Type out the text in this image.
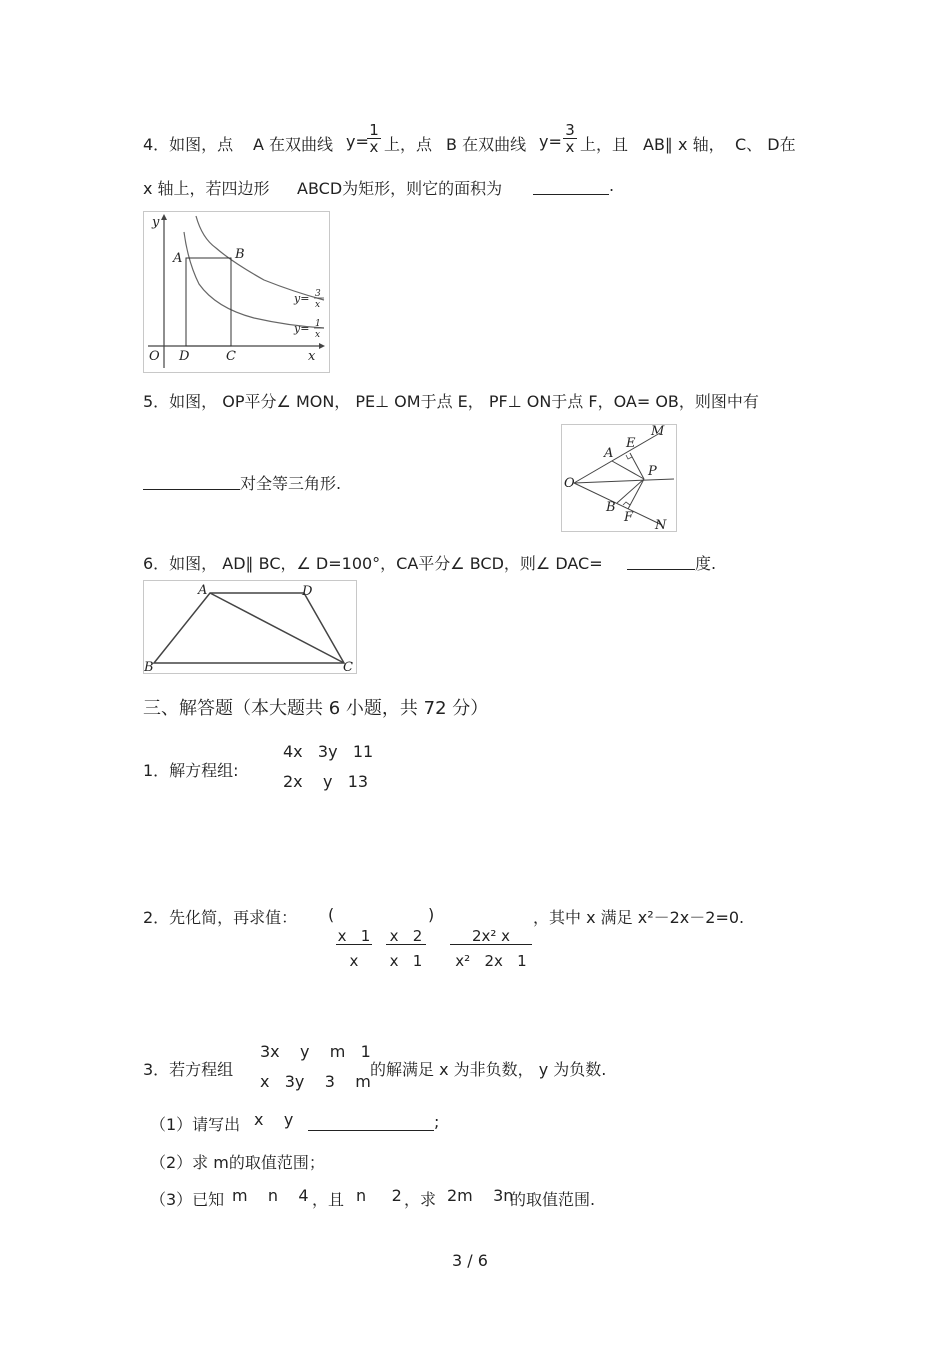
4．如图，点 A 在双曲线 y=
$\frac{1}{x}$ 上，点 B 在双曲线 $y= \frac{3}{x}$ 上，且 AB∥ x 轴， C、 D在
x 轴上，若四边形 ABCD为矩形，则它的面积为	.
y
x
O
A	B
C
D
y= 3
x
y= 1
x
5．如图， OP平分∠ MON， PE⊥ OM于点 E， PF⊥ ON于点 F，OA= OB，则图中有
对全等三角形.	O
A
B
E
F
P
M
N
6．如图， AD∥ BC，∠ D=100°，CA平分∠ BCD，则∠ DAC=	度.
A	D
B	C
三、解答题（本大题共 6 小题，共 72 分）
1．解方程组:
4x   3y   11
2x    y   13
2．先化简，再求值： (

$\frac{x 1}{x}$

$\frac{x 2}{x 1}$

)

$\frac{\text{2x² x}}{\text{x²   2x   1}}$

，其中 x 满足 x²－2x－2=0.
3．若方程组
3x    y    m   1
x   3y    3    m
的解满足 x 为非负数， y 为负数.
（1）请写出 x    y	;
（2）求 m的取值范围；
（3）已知 m    n    4 ，且 n     2 ，求 2m    3n
的取值范围.
3 / 6
